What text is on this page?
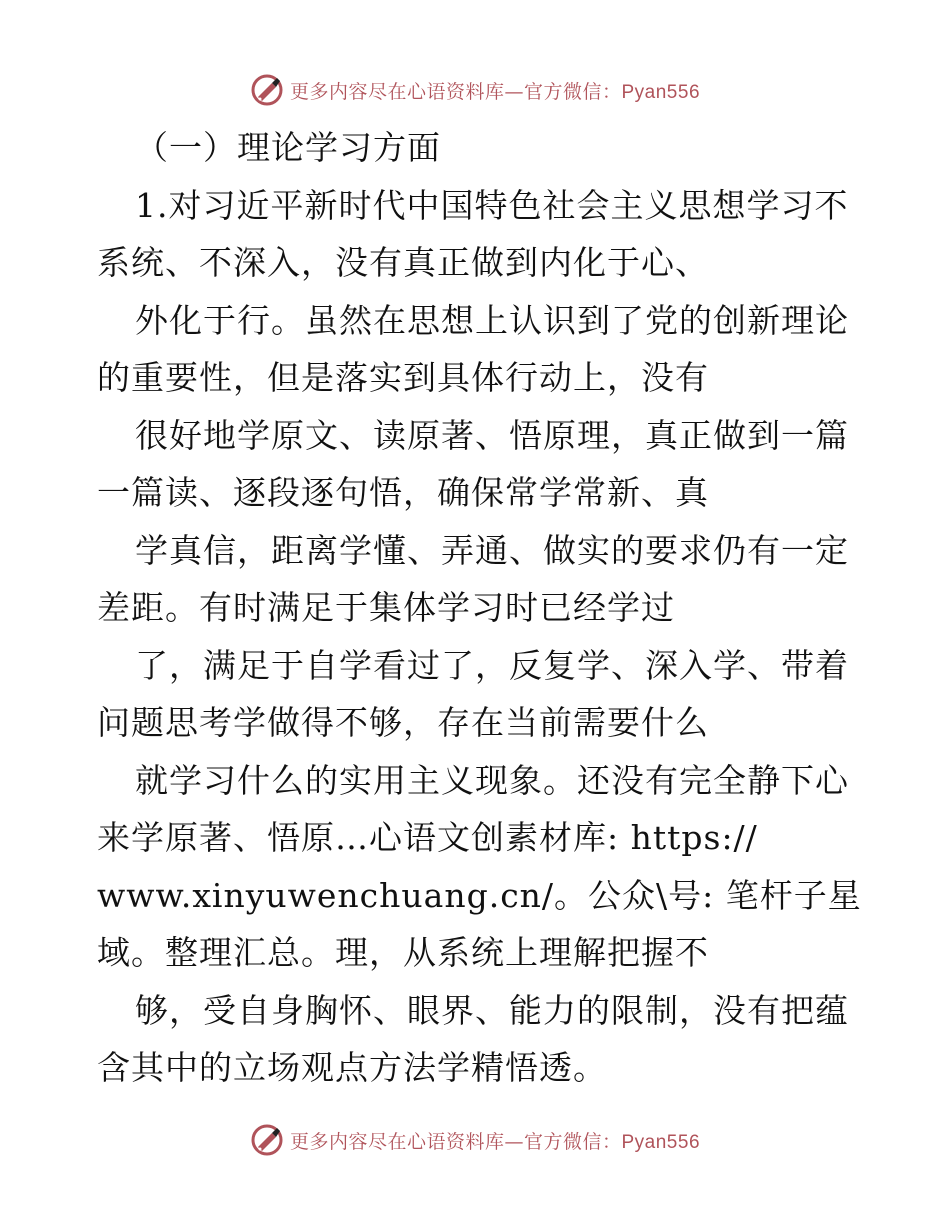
更多内容尽在心语资料库—官方微信：Pyan556
（一）理论学习方面
1.对习近平新时代中国特色社会主义思想学习不
系统、不深入，没有真正做到内化于心、
外化于行。虽然在思想上认识到了党的创新理论
的重要性，但是落实到具体行动上，没有
很好地学原文、读原著、悟原理，真正做到一篇
一篇读、逐段逐句悟，确保常学常新、真
学真信，距离学懂、弄通、做实的要求仍有一定
差距。有时满足于集体学习时已经学过
了，满足于自学看过了，反复学、深入学、带着
问题思考学做得不够，存在当前需要什么
就学习什么的实用主义现象。还没有完全静下心
来学原著、悟原…心语文创素材库: https://
www.xinyuwenchuang.cn/。公众\号: 笔杆子星
域。整理汇总。理，从系统上理解把握不
够，受自身胸怀、眼界、能力的限制，没有把蕴
含其中的立场观点方法学精悟透。
更多内容尽在心语资料库—官方微信：Pyan556
